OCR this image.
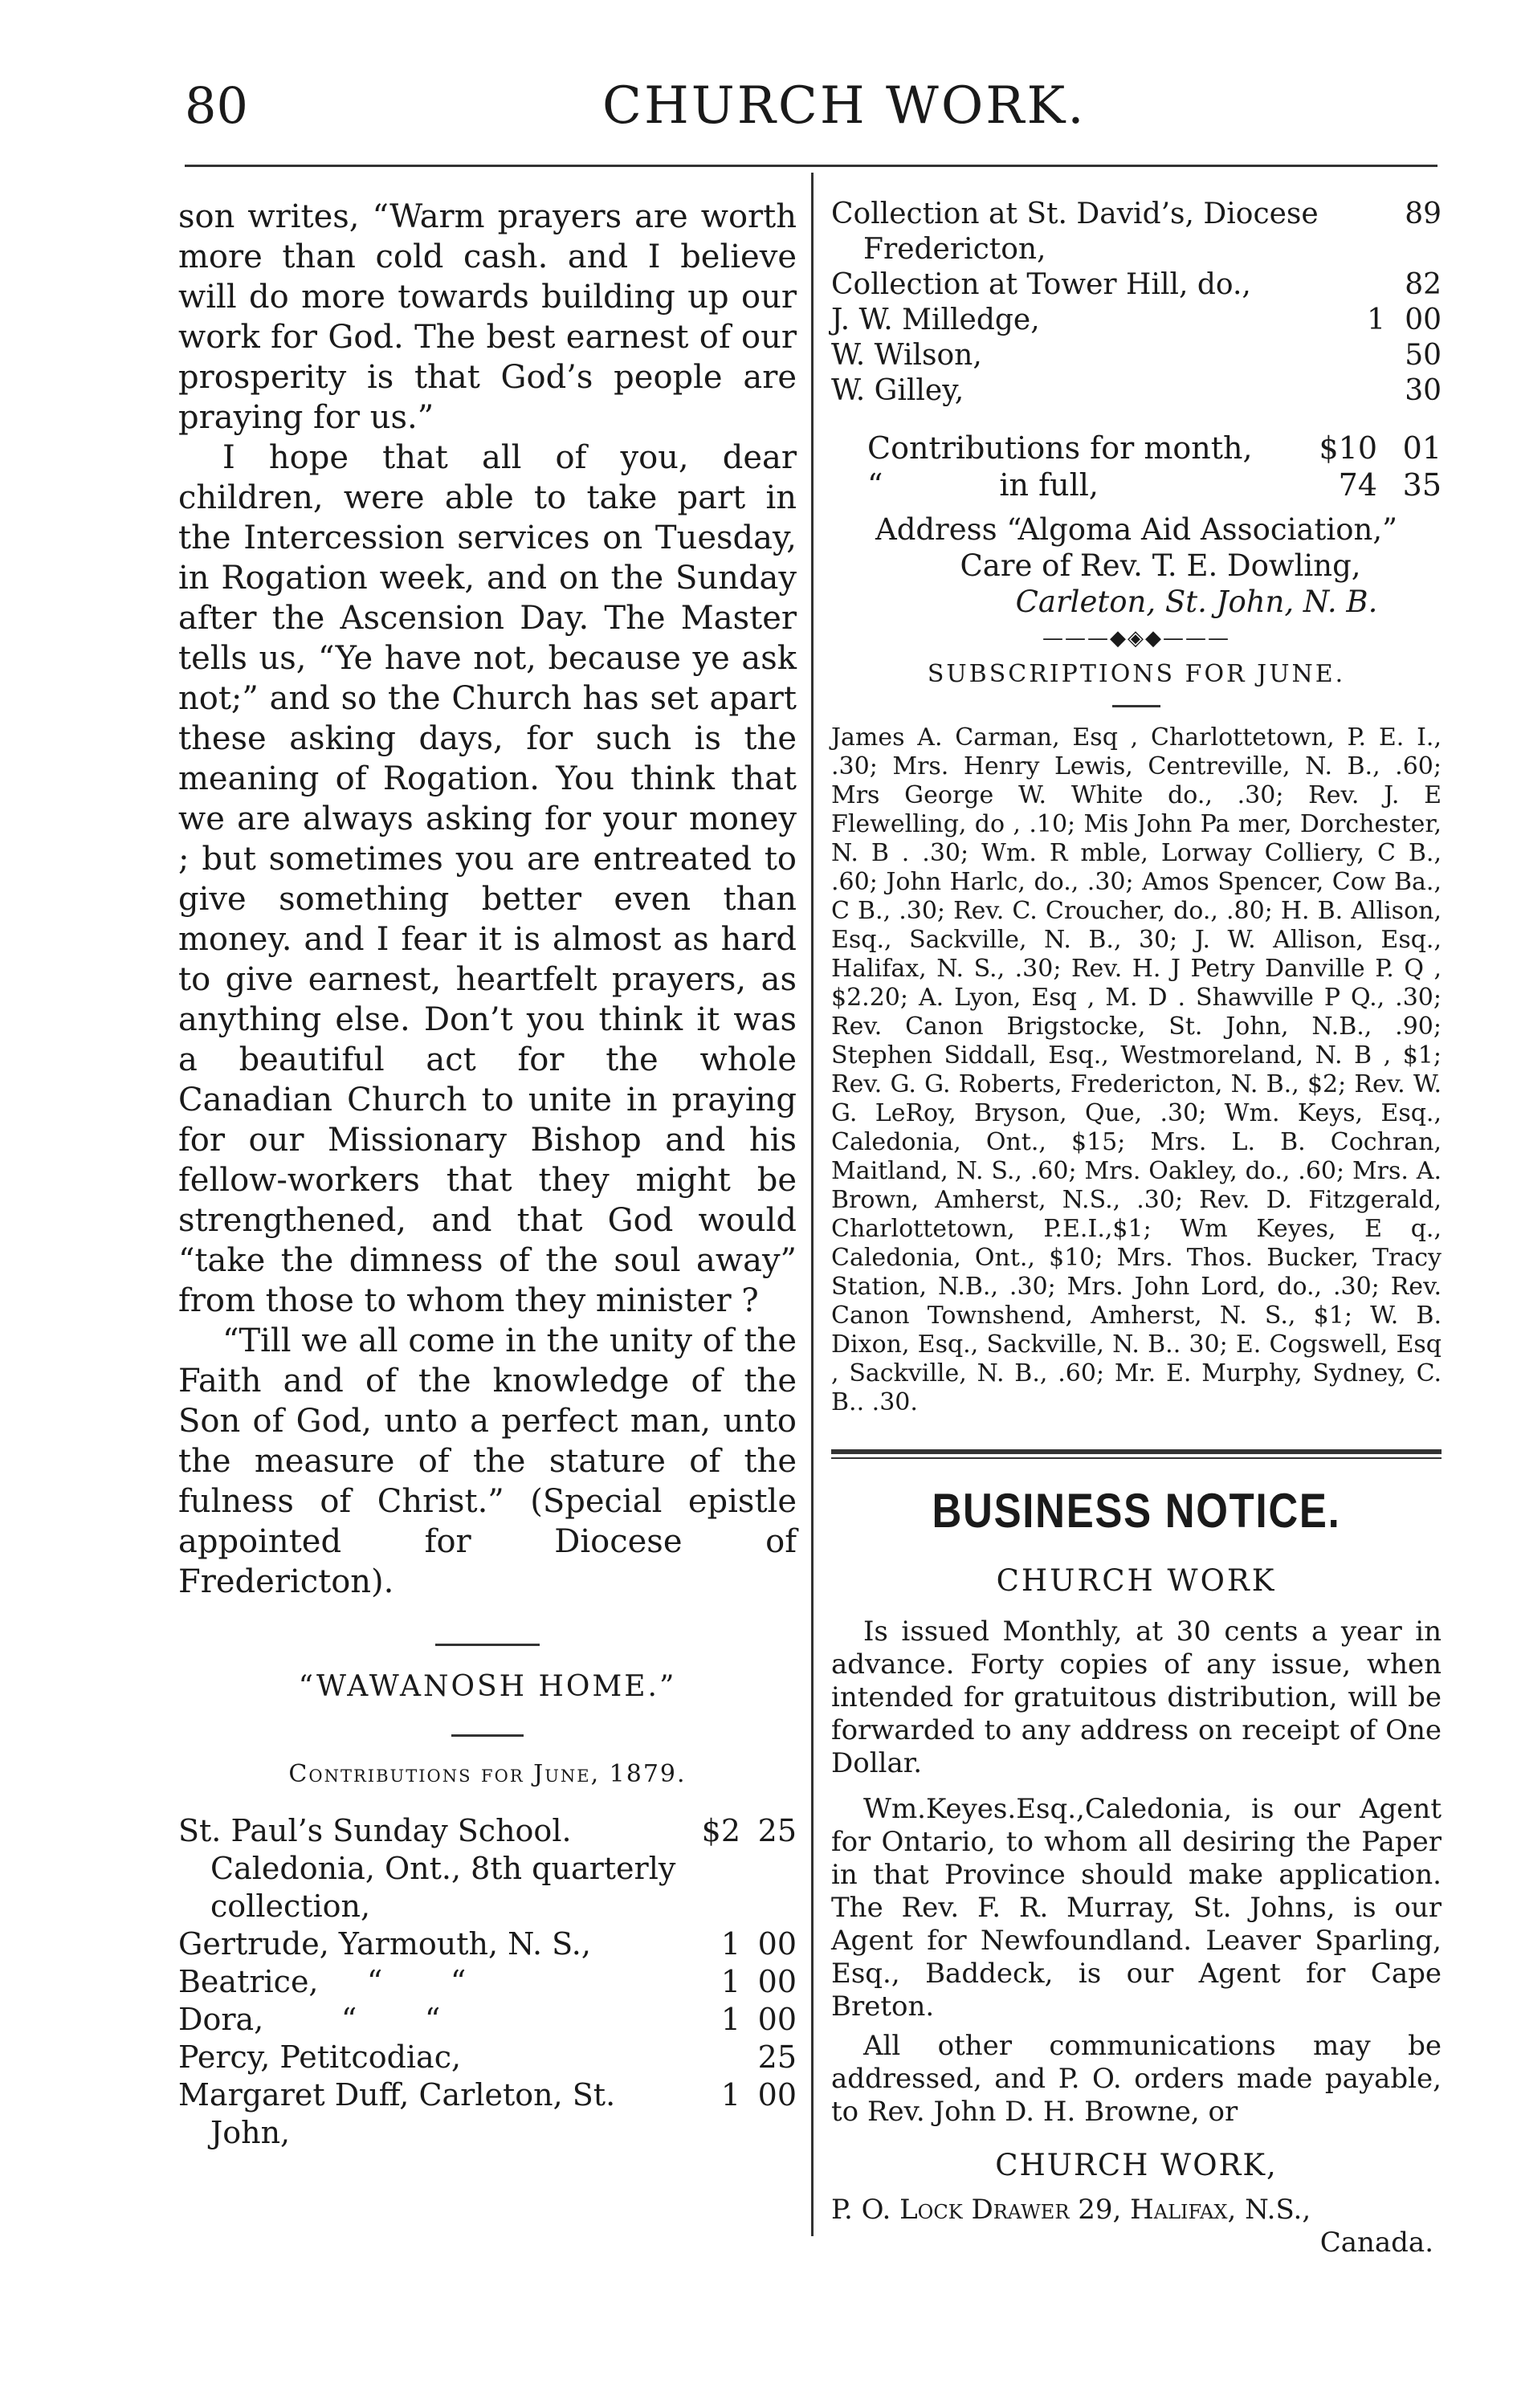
80	CHURCH WORK.

son writes, “Warm prayers are worth more than cold cash. and I believe will do more towards building up our work for God. The best earnest of our prosperity is that God’s people are praying for us.”

I hope that all of you, dear children, were able to take part in the Intercession services on Tuesday, in Rogation week, and on the Sunday after the Ascension Day. The Master tells us, “Ye have not, because ye ask not;” and so the Church has set apart these asking days, for such is the meaning of Rogation. You think that we are always asking for your money ; but sometimes you are entreated to give something better even than money. and I fear it is almost as hard to give earnest, heartfelt prayers, as anything else. Don’t you think it was a beautiful act for the whole Canadian Church to unite in praying for our Missionary Bishop and his fellow-workers that they might be strengthened, and that God would “take the dimness of the soul away” from those to whom they minister ?

“Till we all come in the unity of the Faith and of the knowledge of the Son of God, unto a perfect man, unto the measure of the stature of the fulness of Christ.” (Special epistle appointed for Diocese of Fredericton).

“WAWANOSH HOME.”
Contributions for June, 1879.
St. Paul’s Sunday School. Caledonia, Ont., 8th quarterly collection,
$2 25
Gertrude, Yarmouth, N. S.,	1 00
Beatrice,     “       “	1 00
Dora,        “       “	1 00
Percy, Petitcodiac,	25
Margaret Duff, Carleton, St. John,
1 00
Collection at St. David’s, Diocese Fredericton,
89
Collection at Tower Hill, do.,	82
J. W. Milledge,	1 00
W. Wilson,	50
W. Gilley,	30
Contributions for month,	$10 01
“            in full,	74 35
Address “Algoma Aid Association,”
Care of Rev. T. E. Dowling,
Carleton, St. John, N. B.
———◆◈◆———
SUBSCRIPTIONS FOR JUNE.

James A. Carman, Esq , Charlottetown, P. E. I., .30; Mrs. Henry Lewis, Centreville, N. B., .60; Mrs George W. White do., .30; Rev. J. E Flewelling, do , .10; Mis John Pa mer, Dorchester, N. B . .30; Wm. R mble, Lorway Colliery, C B., .60; John Harlc, do., .30; Amos Spencer, Cow Ba., C B., .30; Rev. C. Croucher, do., .80; H. B. Allison, Esq., Sackville, N. B., 30; J. W. Allison, Esq., Halifax, N. S., .30; Rev. H. J Petry Danville P. Q , $2.20; A. Lyon, Esq , M. D . Shawville P Q., .30; Rev. Canon Brigstocke, St. John, N.B., .90; Stephen Siddall, Esq., Westmoreland, N. B , $1; Rev. G. G. Roberts, Fredericton, N. B., $2; Rev. W. G. LeRoy, Bryson, Que, .30; Wm. Keys, Esq., Caledonia, Ont., $15; Mrs. L. B. Cochran, Maitland, N. S., .60; Mrs. Oakley, do., .60; Mrs. A. Brown, Amherst, N.S., .30; Rev. D. Fitzgerald, Charlottetown, P.E.I.,$1; Wm Keyes, E q., Caledonia, Ont., $10; Mrs. Thos. Bucker, Tracy Station, N.B., .30; Mrs. John Lord, do., .30; Rev. Canon Townshend, Amherst, N. S., $1; W. B. Dixon, Esq., Sackville, N. B.. 30; E. Cogswell, Esq , Sackville, N. B., .60; Mr. E. Murphy, Sydney, C. B.. .30.

BUSINESS NOTICE.
CHURCH WORK

Is issued Monthly, at 30 cents a year in advance. Forty copies of any issue, when intended for gratuitous distribution, will be forwarded to any address on receipt of One Dollar.

Wm.Keyes.Esq.,Caledonia, is our Agent for Ontario, to whom all desiring the Paper in that Province should make application. The Rev. F. R. Murray, St. Johns, is our Agent for Newfoundland. Leaver Sparling, Esq., Baddeck, is our Agent for Cape Breton.

All other communications may be addressed, and P. O. orders made payable, to Rev. John D. H. Browne, or

CHURCH WORK,
P. O. Lock Drawer 29, Halifax, N.S.,
Canada.
